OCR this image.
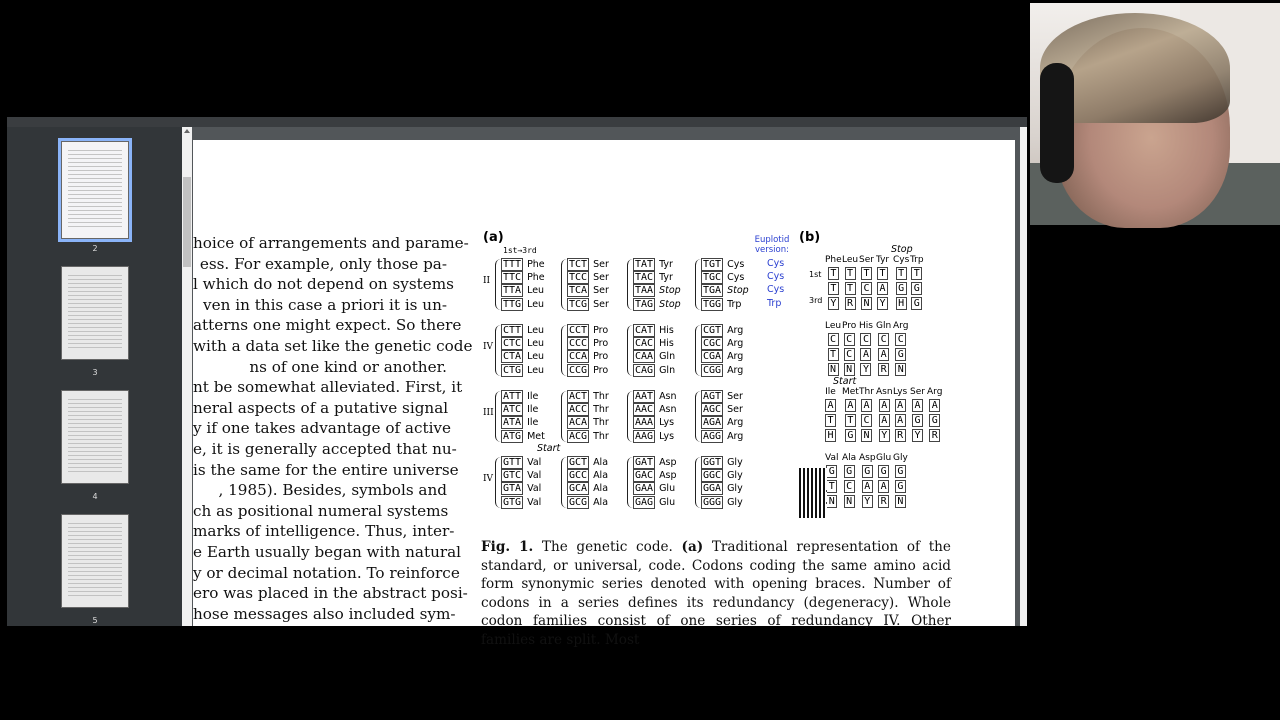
2
3
4
5
hoice of arrangements and parame-
ess. For example, only those pa-
l which do not depend on systems
ven in this case a priori it is un-
atterns one might expect. So there
with a data set like the genetic code
ns of one kind or another.
nt be somewhat alleviated. First, it
neral aspects of a putative signal
y if one takes advantage of active
e, it is generally accepted that nu-
is the same for the entire universe
, 1985). Besides, symbols and
ch as positional numeral systems
marks of intelligence. Thus, inter-
e Earth usually began with natural
y or decimal notation. To reinforce
ero was placed in the abstract posi-
hose messages also included sym-
(a)	(b)
1st→3rd
Euplotid version:
TTT Phe
TTC Phe
TTA Leu
TTG Leu
II
TCT Ser
TCC Ser
TCA Ser
TCG Ser
TAT Tyr
TAC Tyr
TAA Stop
TAG Stop
TGT Cys
TGC Cys
TGA Stop
TGG Trp
CTT Leu
CTC Leu
CTA Leu
CTG Leu
IV
CCT Pro
CCC Pro
CCA Pro
CCG Pro
CAT His
CAC His
CAA Gln
CAG Gln
CGT Arg
CGC Arg
CGA Arg
CGG Arg
ATT Ile
ATC Ile
ATA Ile
ATG Met
III
ACT Thr
ACC Thr
ACA Thr
ACG Thr
AAT Asn
AAC Asn
AAA Lys
AAG Lys
AGT Ser
AGC Ser
AGA Arg
AGG Arg
GTT Val
GTC Val
GTA Val
GTG Val
IV
GCT Ala
GCC Ala
GCA Ala
GCG Ala
GAT Asp
GAC Asp
GAA Glu
GAG Glu
GGT Gly
GGC Gly
GGA Gly
GGG Gly
Start
Cys
Cys
Cys
Trp
Phe
T
T
Y
Leu
T
T
R
Ser
T
C
N
Tyr
T
A
Y
Cys
T
G
H
Trp
T
G
G
Leu
C
T
N
Pro
C
C
N
His
C
A
Y
Gln
C
A
R
Arg
C
G
N
Ile
A
T
H
Met
A
T
G
Thr
A
C
N
Asn
A
A
Y
Lys
A
A
R
Ser
A
G
Y
Arg
A
G
R
Val
G
T
N
Ala
G
C
N
Asp
G
A
Y
Glu
G
A
R
Gly
G
G
N
1st
3rd
Stop
Start
Fig. 1. The genetic code. (a) Traditional representation of the standard, or universal, code. Codons coding the same amino acid form synonymic series denoted with opening braces. Number of codons in a series defines its redundancy (degeneracy). Whole codon families consist of one series of redundancy IV. Other families are split. Most
